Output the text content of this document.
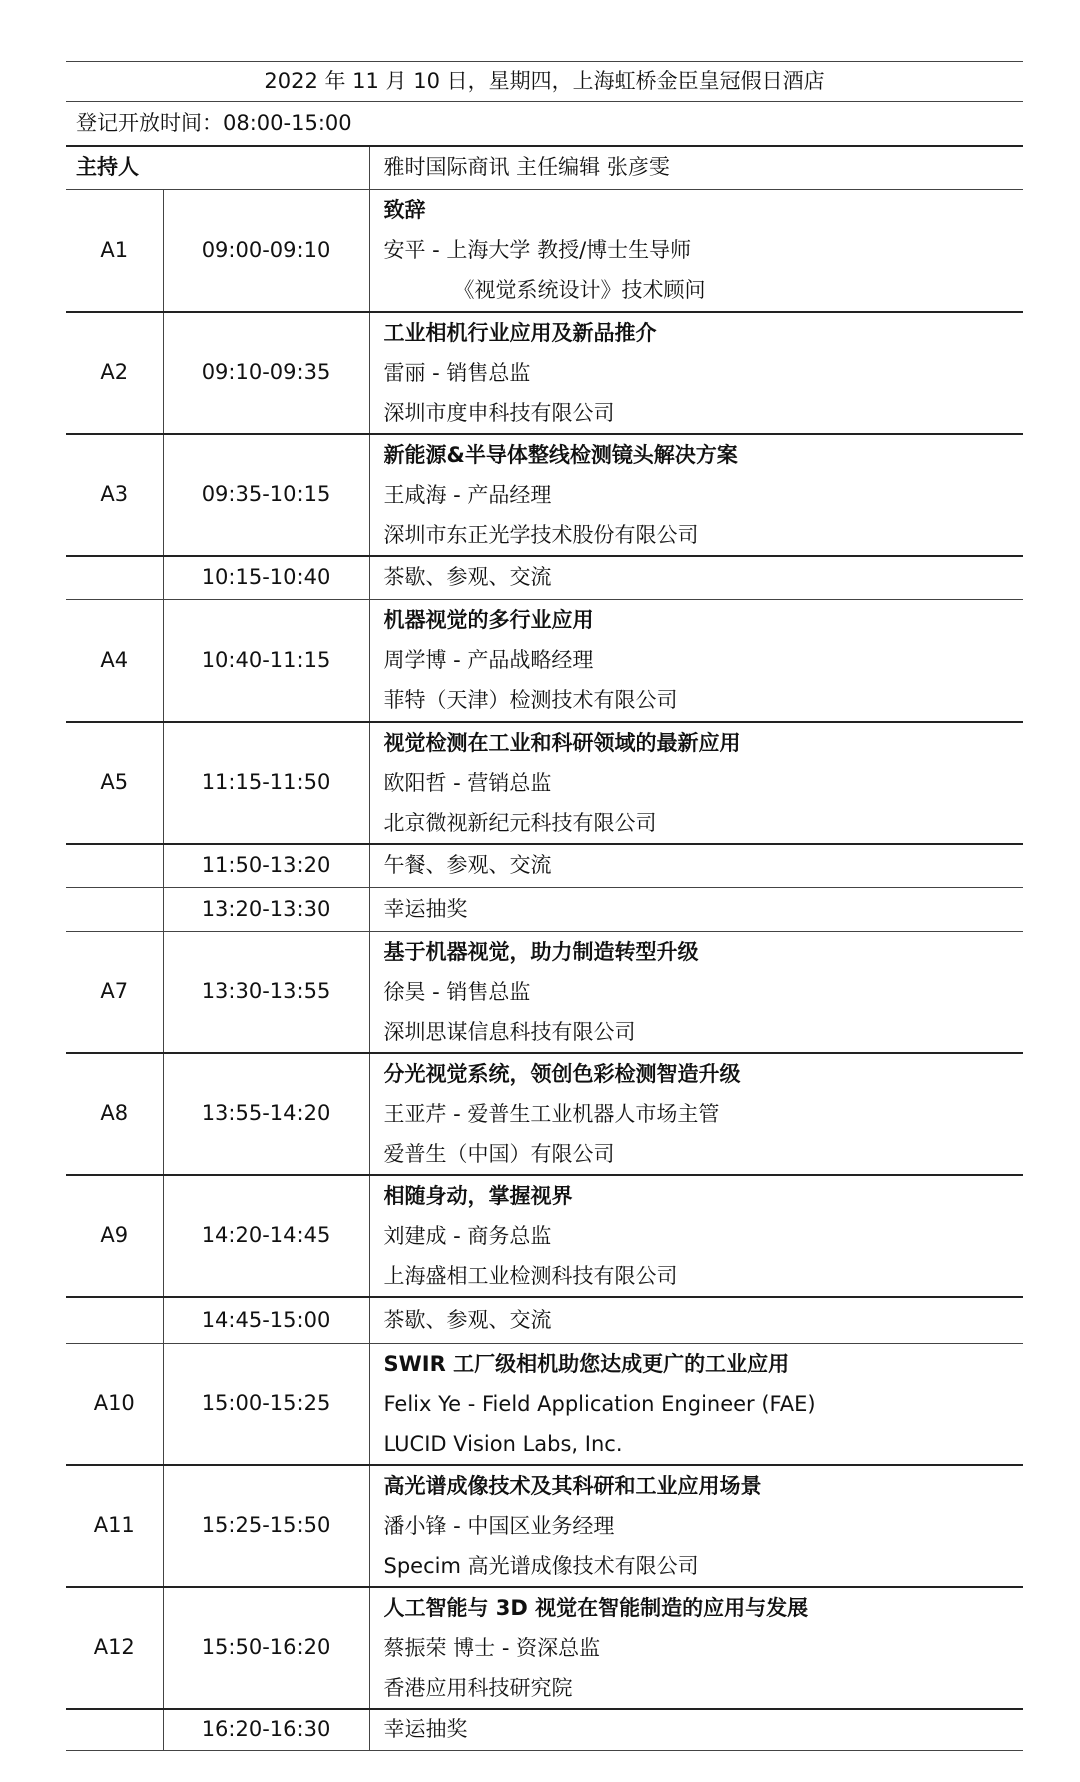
2022 年 11 月 10 日，星期四，上海虹桥金臣皇冠假日酒店		
登记开放时间：08:00-15:00		
主持人		雅时国际商讯 主任编辑 张彦雯
A1	09:00-09:10	致辞
安平 - 上海大学 教授/博士生导师
《视觉系统设计》技术顾问

A2	09:10-09:35	工业相机行业应用及新品推介
雷丽 - 销售总监
深圳市度申科技有限公司

A3	09:35-10:15	新能源&半导体整线检测镜头解决方案
王咸海 - 产品经理
深圳市东正光学技术股份有限公司

	10:15-10:40	茶歇、参观、交流
A4	10:40-11:15	机器视觉的多行业应用
周学博 - 产品战略经理
菲特（天津）检测技术有限公司

A5	11:15-11:50	视觉检测在工业和科研领域的最新应用
欧阳哲 - 营销总监
北京微视新纪元科技有限公司

	11:50-13:20	午餐、参观、交流
	13:20-13:30	幸运抽奖
A7	13:30-13:55	基于机器视觉，助力制造转型升级
徐昊 - 销售总监
深圳思谋信息科技有限公司

A8	13:55-14:20	分光视觉系统，领创色彩检测智造升级
王亚芹 - 爱普生工业机器人市场主管
爱普生（中国）有限公司

A9	14:20-14:45	相随身动，掌握视界
刘建成 - 商务总监
上海盛相工业检测科技有限公司

	14:45-15:00	茶歇、参观、交流
A10	15:00-15:25	SWIR 工厂级相机助您达成更广的工业应用
Felix Ye - Field Application Engineer (FAE)
LUCID Vision Labs, Inc.

A11	15:25-15:50	高光谱成像技术及其科研和工业应用场景
潘小锋 - 中国区业务经理
Specim 高光谱成像技术有限公司

A12	15:50-16:20	人工智能与 3D 视觉在智能制造的应用与发展
蔡振荣 博士 - 资深总监
香港应用科技研究院

	16:20-16:30	幸运抽奖
